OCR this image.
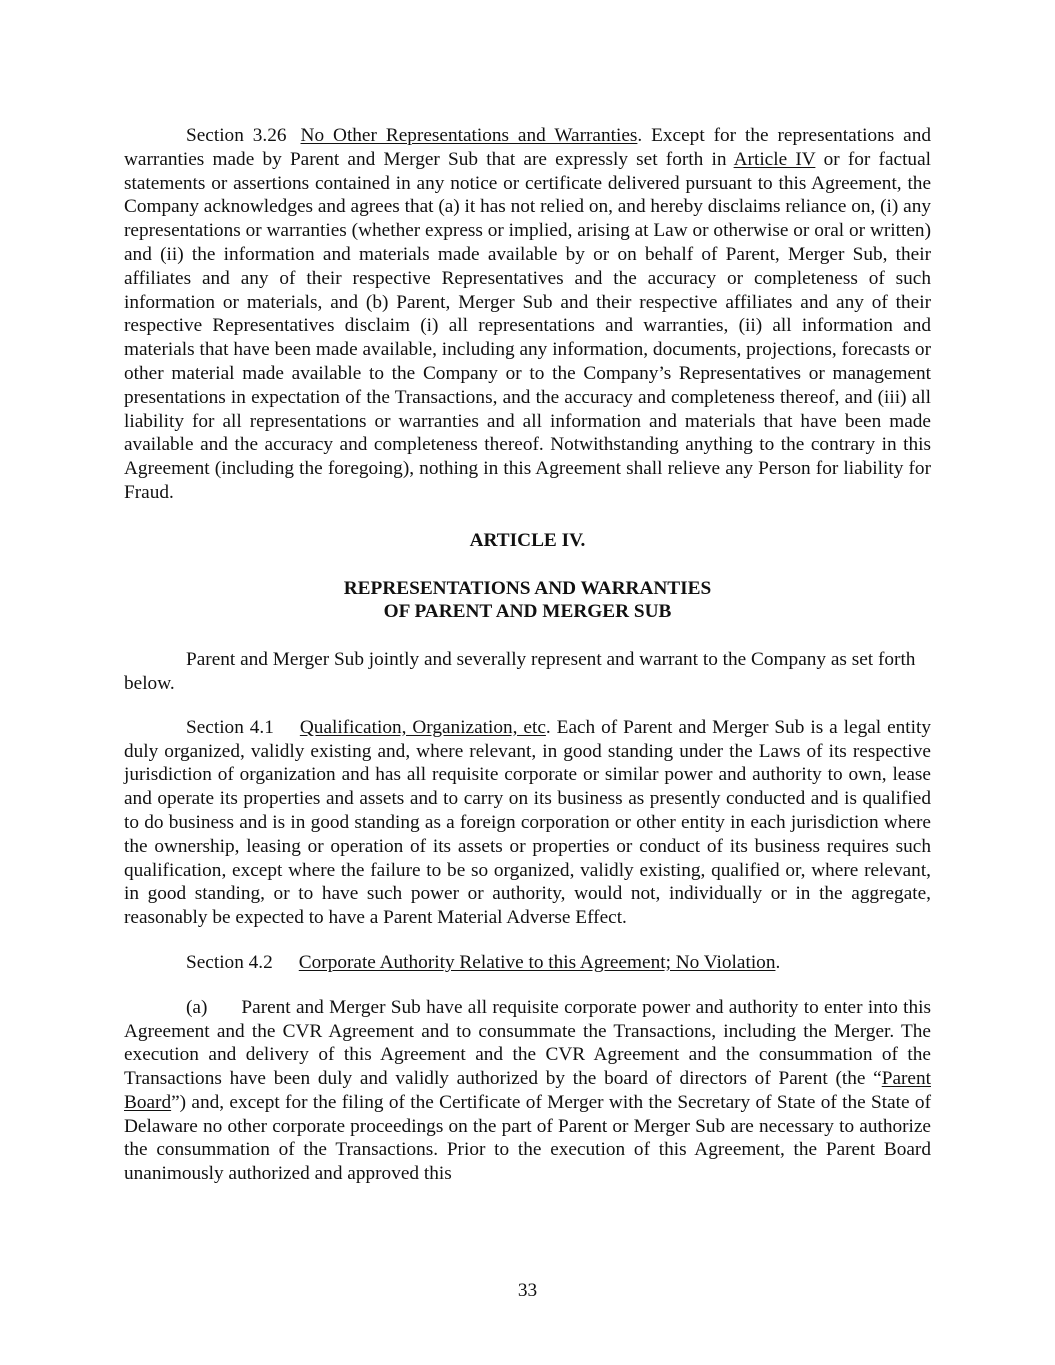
Section 3.26 No Other Representations and Warranties. Except for the representations and warranties made by Parent and Merger Sub that are expressly set forth in Article IV or for factual statements or assertions contained in any notice or certificate delivered pursuant to this Agreement, the Company acknowledges and agrees that (a) it has not relied on, and hereby disclaims reliance on, (i) any representations or warranties (whether express or implied, arising at Law or otherwise or oral or written) and (ii) the information and materials made available by or on behalf of Parent, Merger Sub, their affiliates and any of their respective Representatives and the accuracy or completeness of such information or materials, and (b) Parent, Merger Sub and their respective affiliates and any of their respective Representatives disclaim (i) all representations and warranties, (ii) all information and materials that have been made available, including any information, documents, projections, forecasts or other material made available to the Company or to the Company’s Representatives or management presentations in expectation of the Transactions, and the accuracy and completeness thereof, and (iii) all liability for all representations or warranties and all information and materials that have been made available and the accuracy and completeness thereof. Notwithstanding anything to the contrary in this Agreement (including the foregoing), nothing in this Agreement shall relieve any Person for liability for Fraud.

ARTICLE IV.
REPRESENTATIONS AND WARRANTIES
OF PARENT AND MERGER SUB

Parent and Merger Sub jointly and severally represent and warrant to the Company as set forth below.

Section 4.1 Qualification, Organization, etc. Each of Parent and Merger Sub is a legal entity duly organized, validly existing and, where relevant, in good standing under the Laws of its respective jurisdiction of organization and has all requisite corporate or similar power and authority to own, lease and operate its properties and assets and to carry on its business as presently conducted and is qualified to do business and is in good standing as a foreign corporation or other entity in each jurisdiction where the ownership, leasing or operation of its assets or properties or conduct of its business requires such qualification, except where the failure to be so organized, validly existing, qualified or, where relevant, in good standing, or to have such power or authority, would not, individually or in the aggregate, reasonably be expected to have a Parent Material Adverse Effect.

Section 4.2 Corporate Authority Relative to this Agreement; No Violation.

(a) Parent and Merger Sub have all requisite corporate power and authority to enter into this Agreement and the CVR Agreement and to consummate the Transactions, including the Merger. The execution and delivery of this Agreement and the CVR Agreement and the consummation of the Transactions have been duly and validly authorized by the board of directors of Parent (the “Parent Board”) and, except for the filing of the Certificate of Merger with the Secretary of State of the State of Delaware no other corporate proceedings on the part of Parent or Merger Sub are necessary to authorize the consummation of the Transactions. Prior to the execution of this Agreement, the Parent Board unanimously authorized and approved this

33
